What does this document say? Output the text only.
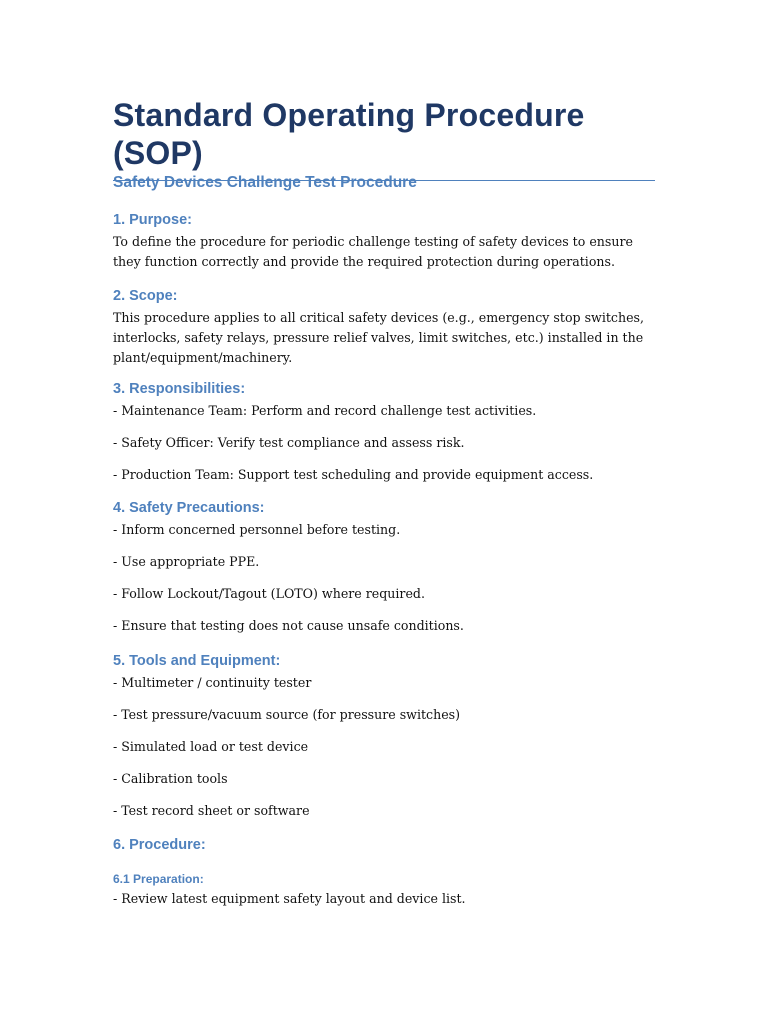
Standard Operating Procedure (SOP)

Safety Devices Challenge Test Procedure

1. Purpose:

To define the procedure for periodic challenge testing of safety devices to ensure they function correctly and provide the required protection during operations.

2. Scope:

This procedure applies to all critical safety devices (e.g., emergency stop switches, interlocks, safety relays, pressure relief valves, limit switches, etc.) installed in the plant/equipment/machinery.

3. Responsibilities:

- Maintenance Team: Perform and record challenge test activities.

- Safety Officer: Verify test compliance and assess risk.

- Production Team: Support test scheduling and provide equipment access.

4. Safety Precautions:

- Inform concerned personnel before testing.

- Use appropriate PPE.

- Follow Lockout/Tagout (LOTO) where required.

- Ensure that testing does not cause unsafe conditions.

5. Tools and Equipment:

- Multimeter / continuity tester

- Test pressure/vacuum source (for pressure switches)

- Simulated load or test device

- Calibration tools

- Test record sheet or software

6. Procedure:

6.1 Preparation:

- Review latest equipment safety layout and device list.
